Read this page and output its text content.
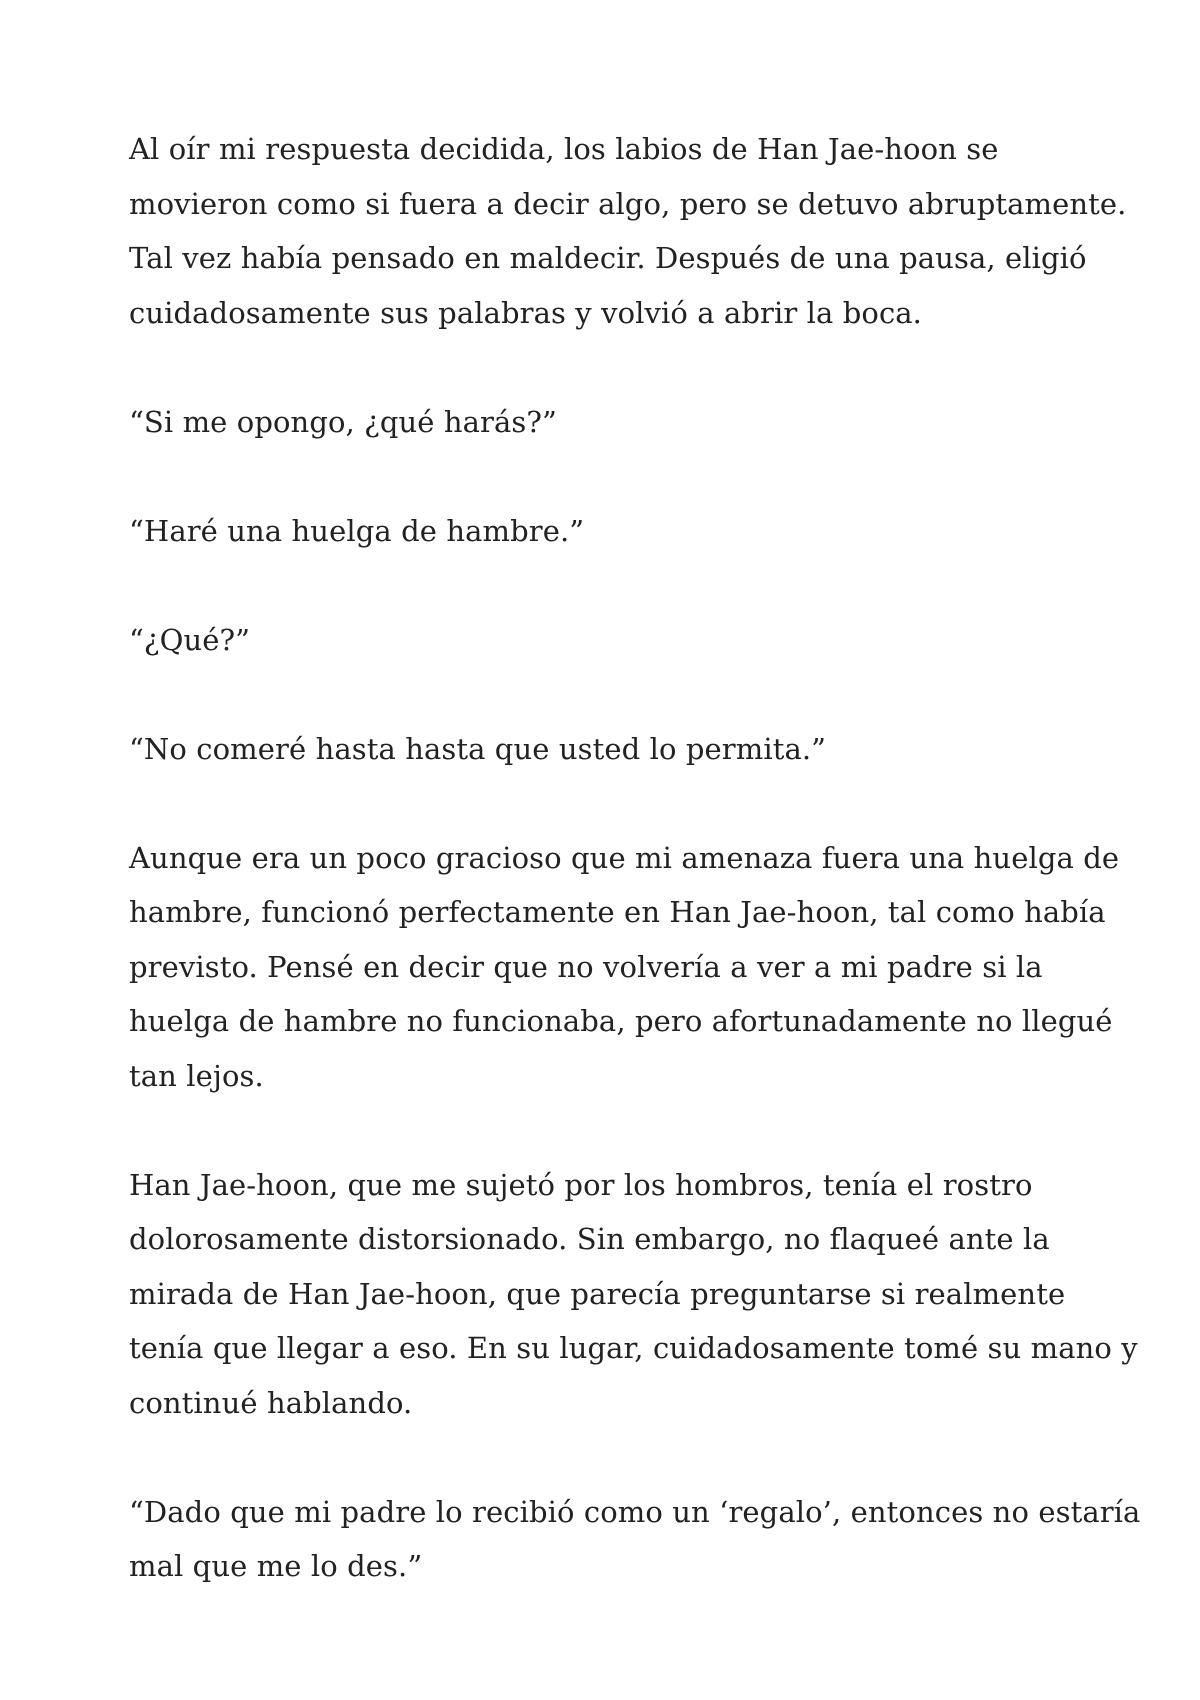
Al oír mi respuesta decidida, los labios de Han Jae-hoon se
movieron como si fuera a decir algo, pero se detuvo abruptamente.
Tal vez había pensado en maldecir. Después de una pausa, eligió
cuidadosamente sus palabras y volvió a abrir la boca.

“Si me opongo, ¿qué harás?”

“Haré una huelga de hambre.”

“¿Qué?”

“No comeré hasta hasta que usted lo permita.”

Aunque era un poco gracioso que mi amenaza fuera una huelga de
hambre, funcionó perfectamente en Han Jae-hoon, tal como había
previsto. Pensé en decir que no volvería a ver a mi padre si la
huelga de hambre no funcionaba, pero afortunadamente no llegué
tan lejos.

Han Jae-hoon, que me sujetó por los hombros, tenía el rostro
dolorosamente distorsionado. Sin embargo, no flaqueé ante la
mirada de Han Jae-hoon, que parecía preguntarse si realmente
tenía que llegar a eso. En su lugar, cuidadosamente tomé su mano y
continué hablando.

“Dado que mi padre lo recibió como un ‘regalo’, entonces no estaría
mal que me lo des.”
